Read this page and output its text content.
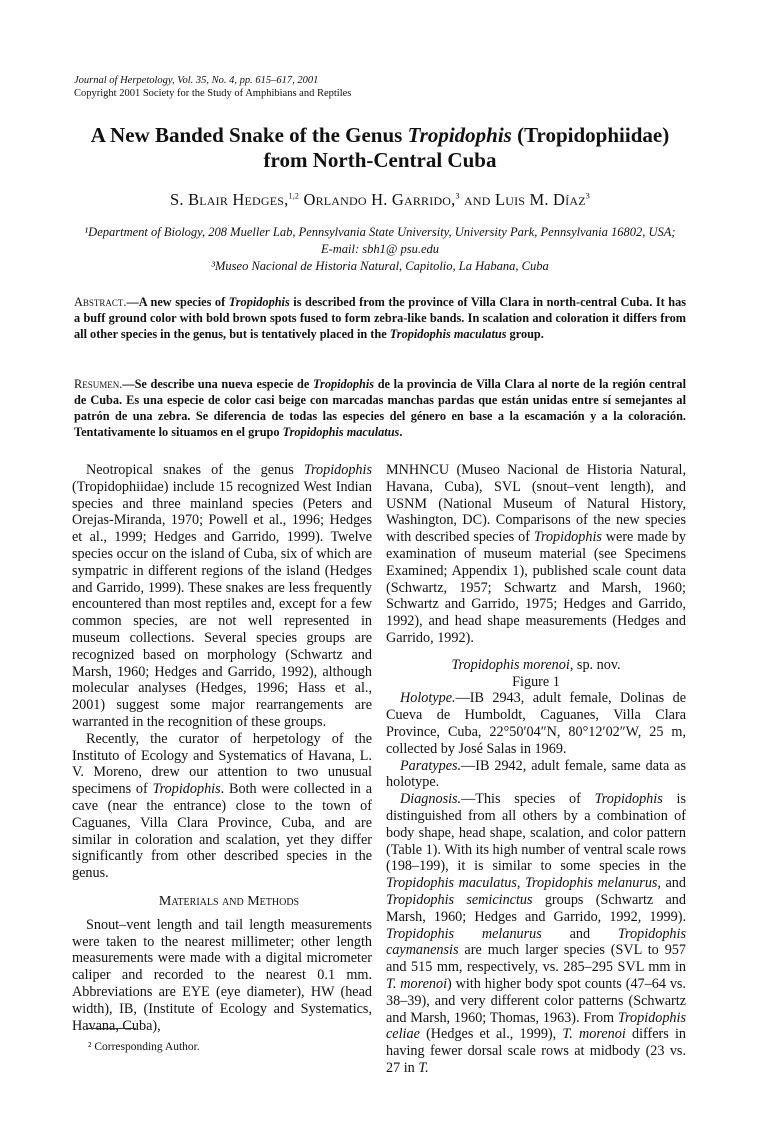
Journal of Herpetology, Vol. 35, No. 4, pp. 615–617, 2001
Copyright 2001 Society for the Study of Amphibians and Reptiles
A New Banded Snake of the Genus Tropidophis (Tropidophiidae)
from North-Central Cuba
S. Blair Hedges,$^{1,2}$ Orlando H. Garrido,$^3$ and Luis M. Díaz$^3$
¹Department of Biology, 208 Mueller Lab, Pennsylvania State University, University Park, Pennsylvania 16802, USA;
E-mail: sbh1@ psu.edu
³Museo Nacional de Historia Natural, Capitolio, La Habana, Cuba
Abstract.—A new species of Tropidophis is described from the province of Villa Clara in north-central Cuba. It has a buff ground color with bold brown spots fused to form zebra-like bands. In scalation and coloration it differs from all other species in the genus, but is tentatively placed in the Tropidophis maculatus group.
Resumen.—Se describe una nueva especie de Tropidophis de la provincia de Villa Clara al norte de la región central de Cuba. Es una especie de color casi beige con marcadas manchas pardas que están unidas entre sí semejantes al patrón de una zebra. Se diferencia de todas las especies del género en base a la escamación y a la coloración. Tentativamente lo situamos en el grupo Tropidophis maculatus.

Neotropical snakes of the genus Tropidophis (Tropidophiidae) include 15 recognized West Indian species and three mainland species (Peters and Orejas-Miranda, 1970; Powell et al., 1996; Hedges et al., 1999; Hedges and Garrido, 1999). Twelve species occur on the island of Cuba, six of which are sympatric in different regions of the island (Hedges and Garrido, 1999). These snakes are less frequently encountered than most reptiles and, except for a few common species, are not well represented in museum collections. Several species groups are recognized based on morphology (Schwartz and Marsh, 1960; Hedges and Garrido, 1992), although molecular analyses (Hedges, 1996; Hass et al., 2001) suggest some major rearrangements are warranted in the recognition of these groups.

Recently, the curator of herpetology of the Instituto of Ecology and Systematics of Havana, L. V. Moreno, drew our attention to two unusual specimens of Tropidophis. Both were collected in a cave (near the entrance) close to the town of Caguanes, Villa Clara Province, Cuba, and are similar in coloration and scalation, yet they differ significantly from other described species in the genus.

Materials and Methods

Snout–vent length and tail length measurements were taken to the nearest millimeter; other length measurements were made with a digital micrometer caliper and recorded to the nearest 0.1 mm. Abbreviations are EYE (eye diameter), HW (head width), IB, (Institute of Ecology and Systematics, Havana, Cuba),

² Corresponding Author.

MNHNCU (Museo Nacional de Historia Natural, Havana, Cuba), SVL (snout–vent length), and USNM (National Museum of Natural History, Washington, DC). Comparisons of the new species with described species of Tropidophis were made by examination of museum material (see Specimens Examined; Appendix 1), published scale count data (Schwartz, 1957; Schwartz and Marsh, 1960; Schwartz and Garrido, 1975; Hedges and Garrido, 1992), and head shape measurements (Hedges and Garrido, 1992).

Tropidophis morenoi, sp. nov.

Figure 1

Holotype.—IB 2943, adult female, Dolinas de Cueva de Humboldt, Caguanes, Villa Clara Province, Cuba, 22°50′04″N, 80°12′02″W, 25 m, collected by José Salas in 1969.

Paratypes.—IB 2942, adult female, same data as holotype.

Diagnosis.—This species of Tropidophis is distinguished from all others by a combination of body shape, head shape, scalation, and color pattern (Table 1). With its high number of ventral scale rows (198–199), it is similar to some species in the Tropidophis maculatus, Tropidophis melanurus, and Tropidophis semicinctus groups (Schwartz and Marsh, 1960; Hedges and Garrido, 1992, 1999). Tropidophis melanurus and Tropidophis caymanensis are much larger species (SVL to 957 and 515 mm, respectively, vs. 285–295 SVL mm in T. morenoi) with higher body spot counts (47–64 vs. 38–39), and very different color patterns (Schwartz and Marsh, 1960; Thomas, 1963). From Tropidophis celiae (Hedges et al., 1999), T. morenoi differs in having fewer dorsal scale rows at midbody (23 vs. 27 in T.
